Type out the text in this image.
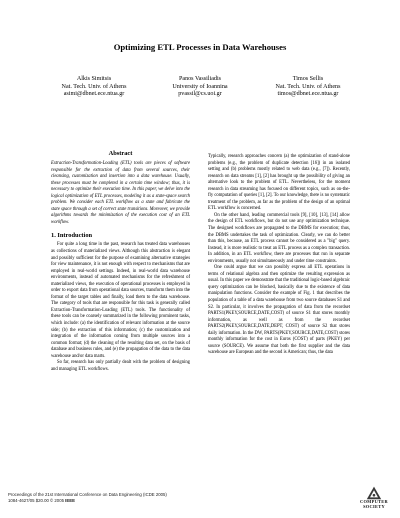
Optimizing ETL Processes in Data Warehouses
Alkis Simitsis
Nat. Tech. Univ. of Athens
asimi@dbnet.ece.ntua.gr
Panos Vassiliadis
University of Ioannina
pvassil@cs.uoi.gr
Timos Sellis
Nat. Tech. Univ. of Athens
timos@dbnet.ece.ntua.gr
Abstract
Extraction-Transformation-Loading (ETL) tools are pieces of software responsible for the extraction of data from several sources, their cleansing, customization and insertion into a data warehouse. Usually, these processes must be completed in a certain time window; thus, it is necessary to optimize their execution time. In this paper, we delve into the logical optimization of ETL processes, modeling it as a state-space search problem. We consider each ETL workflow as a state and fabricate the state space through a set of correct state transitions. Moreover, we provide algorithms towards the minimization of the execution cost of an ETL workflow.
1. Introduction

For quite a long time in the past, research has treated data warehouses as collections of materialized views. Although this abstraction is elegant and possibly sufficient for the purpose of examining alternative strategies for view maintenance, it is not enough with respect to mechanisms that are employed in real-world settings. Indeed, in real-world data warehouse environments, instead of automated mechanisms for the refreshment of materialized views, the execution of operational processes is employed in order to export data from operational data sources, transform them into the format of the target tables and finally, load them to the data warehouse. The category of tools that are responsible for this task is generally called Extraction-Transformation-Loading (ETL) tools. The functionality of these tools can be coarsely summarized in the following prominent tasks, which include: (a) the identification of relevant information at the source side; (b) the extraction of this information; (c) the customization and integration of the information coming from multiple sources into a common format; (d) the cleaning of the resulting data set, on the basis of database and business rules, and (e) the propagation of the data to the data warehouse and/or data marts.

So far, research has only partially dealt with the problem of designing and managing ETL workflows.

Typically, research approaches concern (a) the optimization of stand-alone problems (e.g., the problem of duplicate detection [16]) in an isolated setting and (b) problems mostly related to web data (e.g., [7]). Recently, research on data streams [1], [2] has brought up the possibility of giving an alternative look to the problem of ETL. Nevertheless, for the moment research in data streaming has focused on different topics, such as on-the-fly computation of queries [1], [2]. To our knowledge, there is no systematic treatment of the problem, as far as the problem of the design of an optimal ETL workflow is concerned.

On the other hand, leading commercial tools [9], [10], [13], [14] allow the design of ETL workflows, but do not use any optimization technique. The designed workflows are propagated to the DBMS for execution; thus, the DBMS undertakes the task of optimization. Clearly, we can do better than this, because, an ETL process cannot be considered as a "big" query. Instead, it is more realistic to treat an ETL process as a complex transaction. In addition, in an ETL workflow, there are processes that run in separate environments, usually not simultaneously and under time constraints.

One could argue that we can possibly express all ETL operations in terms of relational algebra and then optimize the resulting expression as usual. In this paper we demonstrate that the traditional logic-based algebraic query optimization can be blocked, basically due to the existence of data manipulation functions. Consider the example of Fig. 1 that describes the population of a table of a data warehouse from two source databases S1 and S2. In particular, it involves the propagation of data from the recordset PARTS1(PKEY,SOURCE,DATE,COST) of source S1 that stores monthly information, as well as from the recordset PARTS2(PKEY,SOURCE,DATE,DEPT, COST) of source S2 that stores daily information. In the DW, PARTS(PKEY,SOURCE,DATE,COST) stores monthly information for the cost in Euros (COST) of parts (PKEY) per source (SOURCE). We assume that both the first supplier and the data warehouse are European and the second is American; thus, the data

Proceedings of the 21st International Conference on Data Engineering (ICDE 2005)
1084-4627/05 $20.00 © 2005 IEEE	COMPUTER
SOCIETY
